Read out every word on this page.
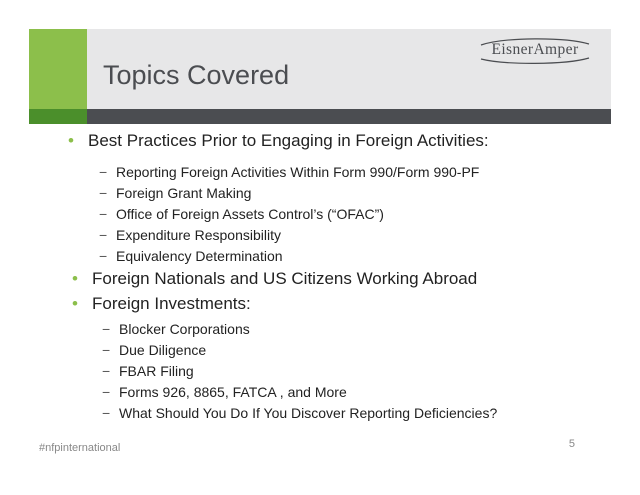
Topics Covered
EisnerAmper
• Best Practices Prior to Engaging in Foreign Activities:
− Reporting Foreign Activities Within Form 990/Form 990-PF
− Foreign Grant Making
− Office of Foreign Assets Control’s (“OFAC”)
− Expenditure Responsibility
− Equivalency Determination
• Foreign Nationals and US Citizens Working Abroad
• Foreign Investments:
− Blocker Corporations
− Due Diligence
− FBAR Filing
− Forms 926, 8865, FATCA , and More
− What Should You Do If You Discover Reporting Deficiencies?
#nfpinternational	5
